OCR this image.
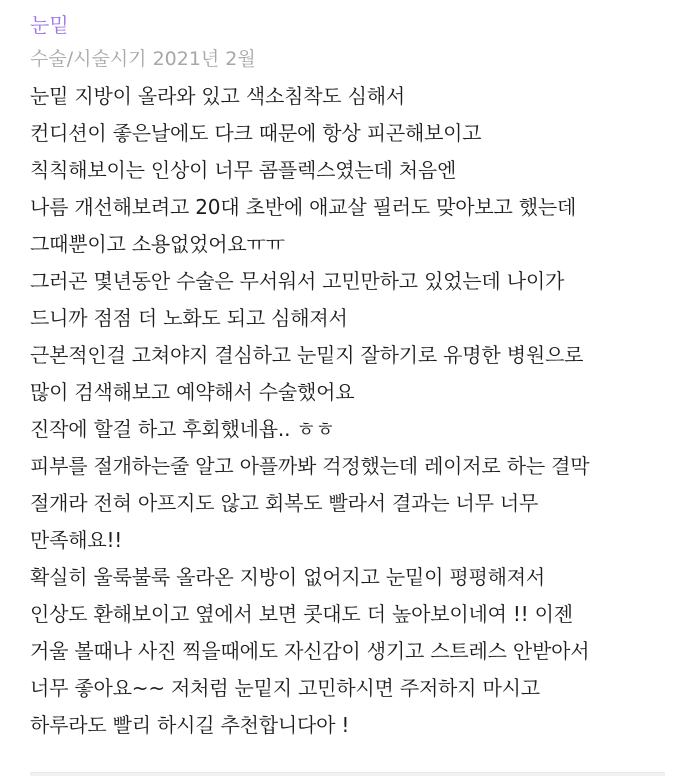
눈밑
수술/시술시기 2021년 2월
눈밑 지방이 올라와 있고 색소침착도 심해서
컨디션이 좋은날에도 다크 때문에 항상 피곤해보이고
칙칙해보이는 인상이 너무 콤플렉스였는데 처음엔
나름 개선해보려고 20대 초반에 애교살 필러도 맞아보고 했는데
그때뿐이고 소용없었어요ㅠㅠ
그러곤 몇년동안 수술은 무서워서 고민만하고 있었는데 나이가
드니까 점점 더 노화도 되고 심해져서
근본적인걸 고쳐야지 결심하고 눈밑지 잘하기로 유명한 병원으로
많이 검색해보고 예약해서 수술했어요
진작에 할걸 하고 후회했네욥.. ㅎㅎ
피부를 절개하는줄 알고 아플까봐 걱정했는데 레이저로 하는 결막
절개라 전혀 아프지도 않고 회복도 빨라서 결과는 너무 너무
만족해요!!
확실히 울룩불룩 올라온 지방이 없어지고 눈밑이 평평해져서
인상도 환해보이고 옆에서 보면 콧대도 더 높아보이네여 !! 이젠
거울 볼때나 사진 찍을때에도 자신감이 생기고 스트레스 안받아서
너무 좋아요~~ 저처럼 눈밑지 고민하시면 주저하지 마시고
하루라도 빨리 하시길 추천합니다아 !
